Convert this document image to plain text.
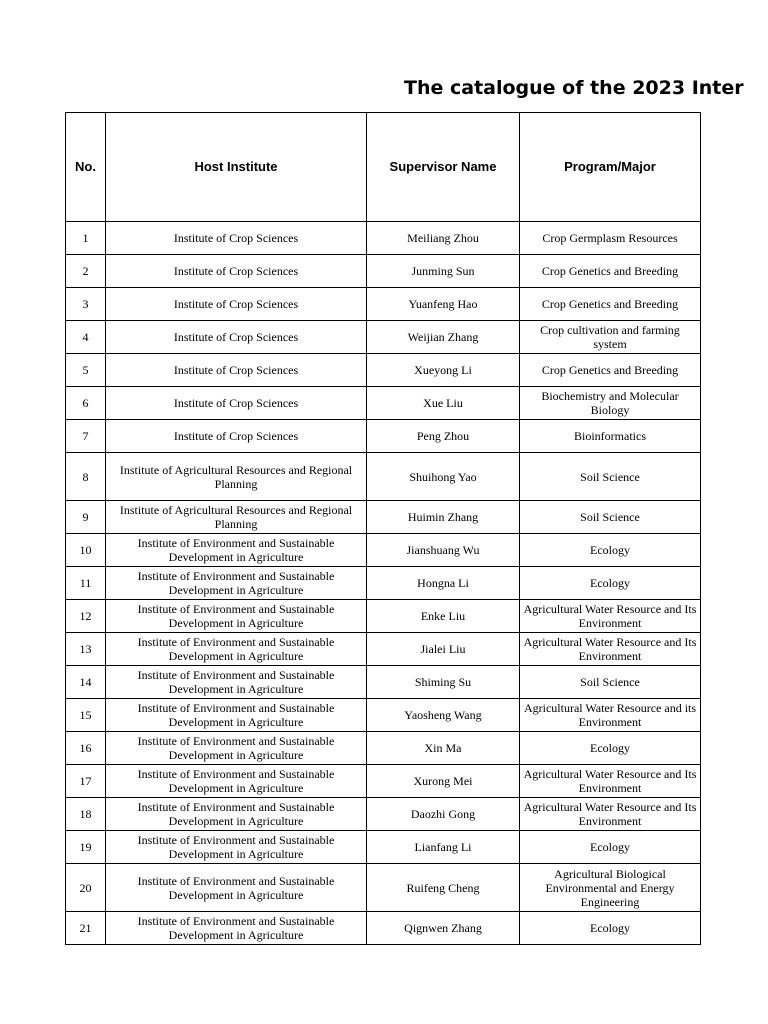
The catalogue of the 2023 Inter
No.	Host Institute	Supervisor Name	Program/Major
1	Institute of Crop Sciences	Meiliang Zhou	Crop Germplasm Resources
2	Institute of Crop Sciences	Junming Sun	Crop Genetics and Breeding
3	Institute of Crop Sciences	Yuanfeng Hao	Crop Genetics and Breeding
4	Institute of Crop Sciences	Weijian Zhang	Crop cultivation and farming system
5	Institute of Crop Sciences	Xueyong Li	Crop Genetics and Breeding
6	Institute of Crop Sciences	Xue Liu	Biochemistry and Molecular Biology
7	Institute of Crop Sciences	Peng Zhou	Bioinformatics
8	Institute of Agricultural Resources and Regional Planning	Shuihong Yao	Soil Science
9	Institute of Agricultural Resources and Regional Planning	Huimin Zhang	Soil Science
10	Institute of Environment and Sustainable Development in Agriculture	Jianshuang Wu	Ecology
11	Institute of Environment and Sustainable Development in Agriculture	Hongna Li	Ecology
12	Institute of Environment and Sustainable Development in Agriculture	Enke Liu	Agricultural Water Resource and Its Environment
13	Institute of Environment and Sustainable Development in Agriculture	Jialei Liu	Agricultural Water Resource and Its Environment
14	Institute of Environment and Sustainable Development in Agriculture	Shiming Su	Soil Science
15	Institute of Environment and Sustainable Development in Agriculture	Yaosheng Wang	Agricultural Water Resource and its Environment
16	Institute of Environment and Sustainable Development in Agriculture	Xin Ma	Ecology
17	Institute of Environment and Sustainable Development in Agriculture	Xurong Mei	Agricultural Water Resource and Its Environment
18	Institute of Environment and Sustainable Development in Agriculture	Daozhi Gong	Agricultural Water Resource and Its Environment
19	Institute of Environment and Sustainable Development in Agriculture	Lianfang Li	Ecology
20	Institute of Environment and Sustainable Development in Agriculture	Ruifeng Cheng	Agricultural Biological Environmental and Energy Engineering
21	Institute of Environment and Sustainable Development in Agriculture	Qignwen Zhang	Ecology
